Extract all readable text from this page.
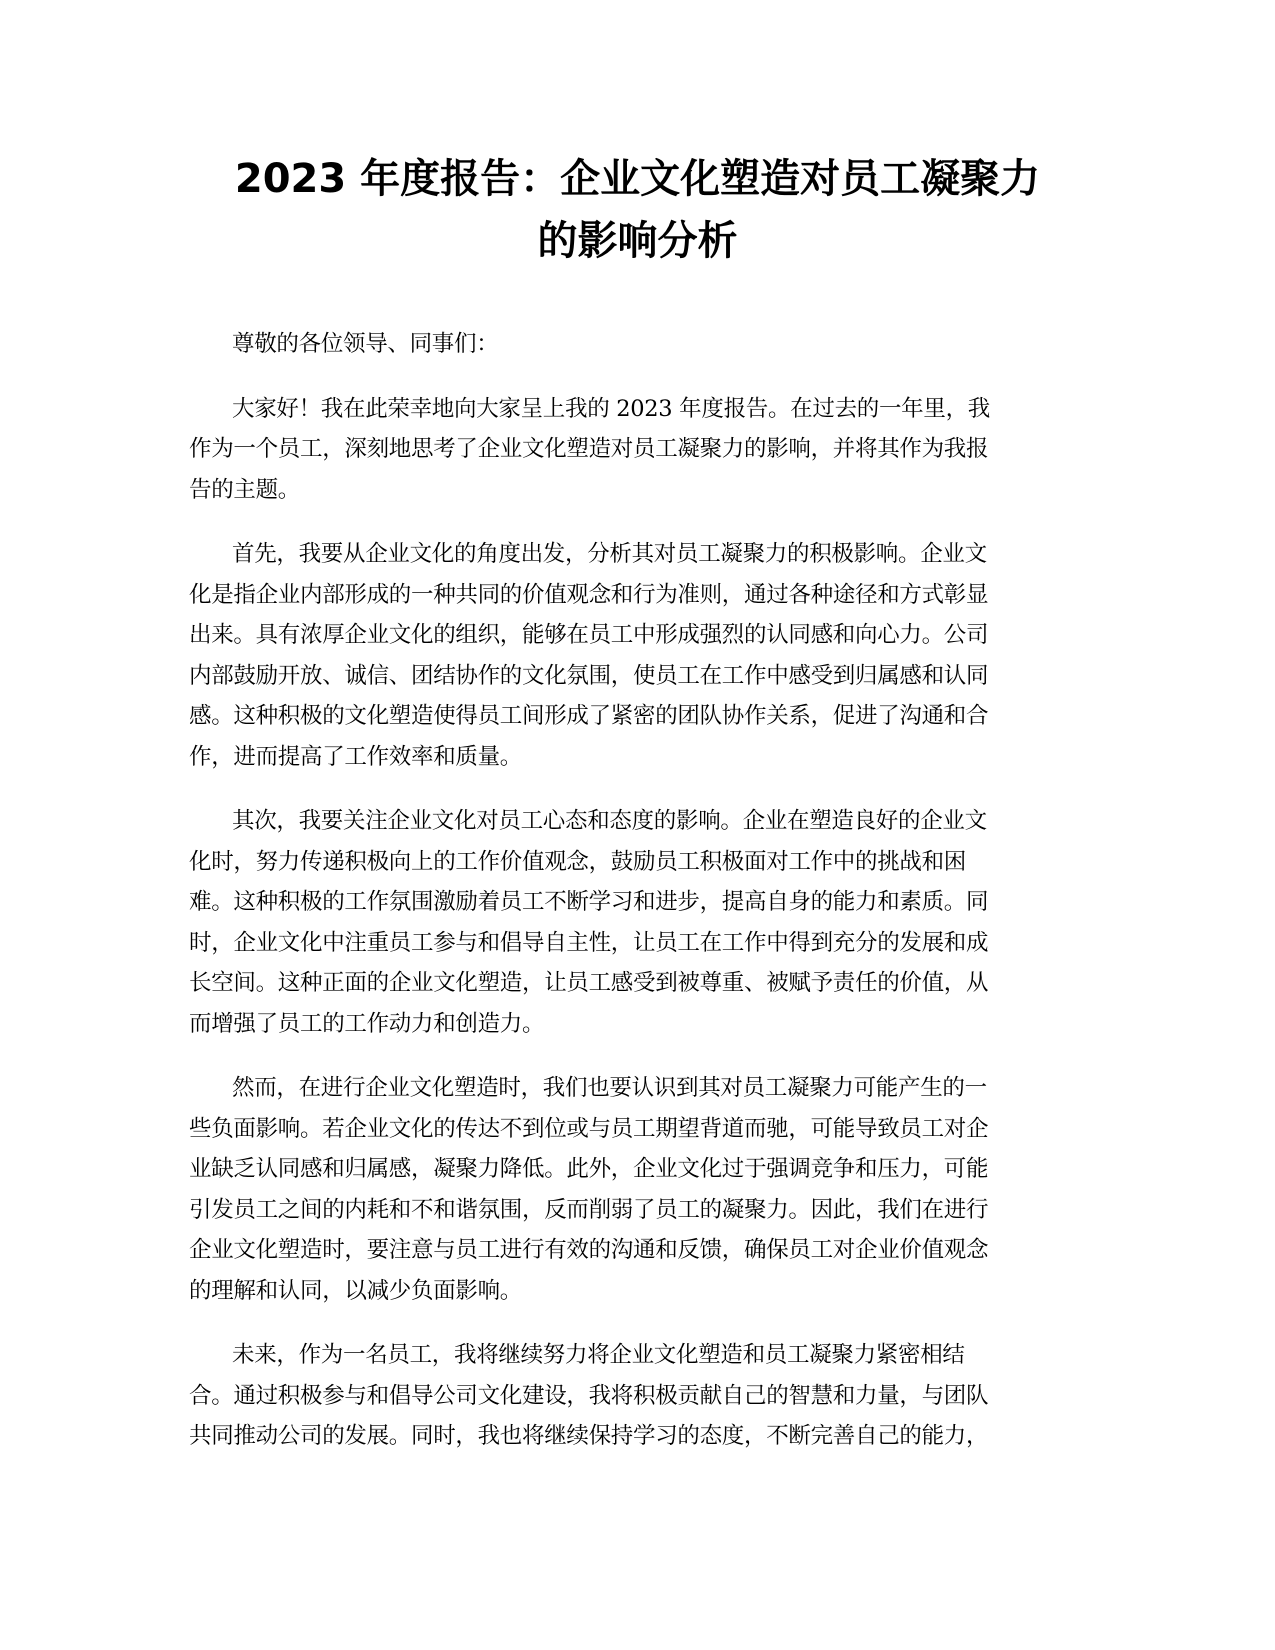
2023 年度报告：企业文化塑造对员工凝聚力
的影响分析

尊敬的各位领导、同事们：

大家好！我在此荣幸地向大家呈上我的 2023 年度报告。在过去的一年里，我
作为一个员工，深刻地思考了企业文化塑造对员工凝聚力的影响，并将其作为我报
告的主题。

首先，我要从企业文化的角度出发，分析其对员工凝聚力的积极影响。企业文
化是指企业内部形成的一种共同的价值观念和行为准则，通过各种途径和方式彰显
出来。具有浓厚企业文化的组织，能够在员工中形成强烈的认同感和向心力。公司
内部鼓励开放、诚信、团结协作的文化氛围，使员工在工作中感受到归属感和认同
感。这种积极的文化塑造使得员工间形成了紧密的团队协作关系，促进了沟通和合
作，进而提高了工作效率和质量。

其次，我要关注企业文化对员工心态和态度的影响。企业在塑造良好的企业文
化时，努力传递积极向上的工作价值观念，鼓励员工积极面对工作中的挑战和困
难。这种积极的工作氛围激励着员工不断学习和进步，提高自身的能力和素质。同
时，企业文化中注重员工参与和倡导自主性，让员工在工作中得到充分的发展和成
长空间。这种正面的企业文化塑造，让员工感受到被尊重、被赋予责任的价值，从
而增强了员工的工作动力和创造力。

然而，在进行企业文化塑造时，我们也要认识到其对员工凝聚力可能产生的一
些负面影响。若企业文化的传达不到位或与员工期望背道而驰，可能导致员工对企
业缺乏认同感和归属感，凝聚力降低。此外，企业文化过于强调竞争和压力，可能
引发员工之间的内耗和不和谐氛围，反而削弱了员工的凝聚力。因此，我们在进行
企业文化塑造时，要注意与员工进行有效的沟通和反馈，确保员工对企业价值观念
的理解和认同，以减少负面影响。

未来，作为一名员工，我将继续努力将企业文化塑造和员工凝聚力紧密相结
合。通过积极参与和倡导公司文化建设，我将积极贡献自己的智慧和力量，与团队
共同推动公司的发展。同时，我也将继续保持学习的态度，不断完善自己的能力，
